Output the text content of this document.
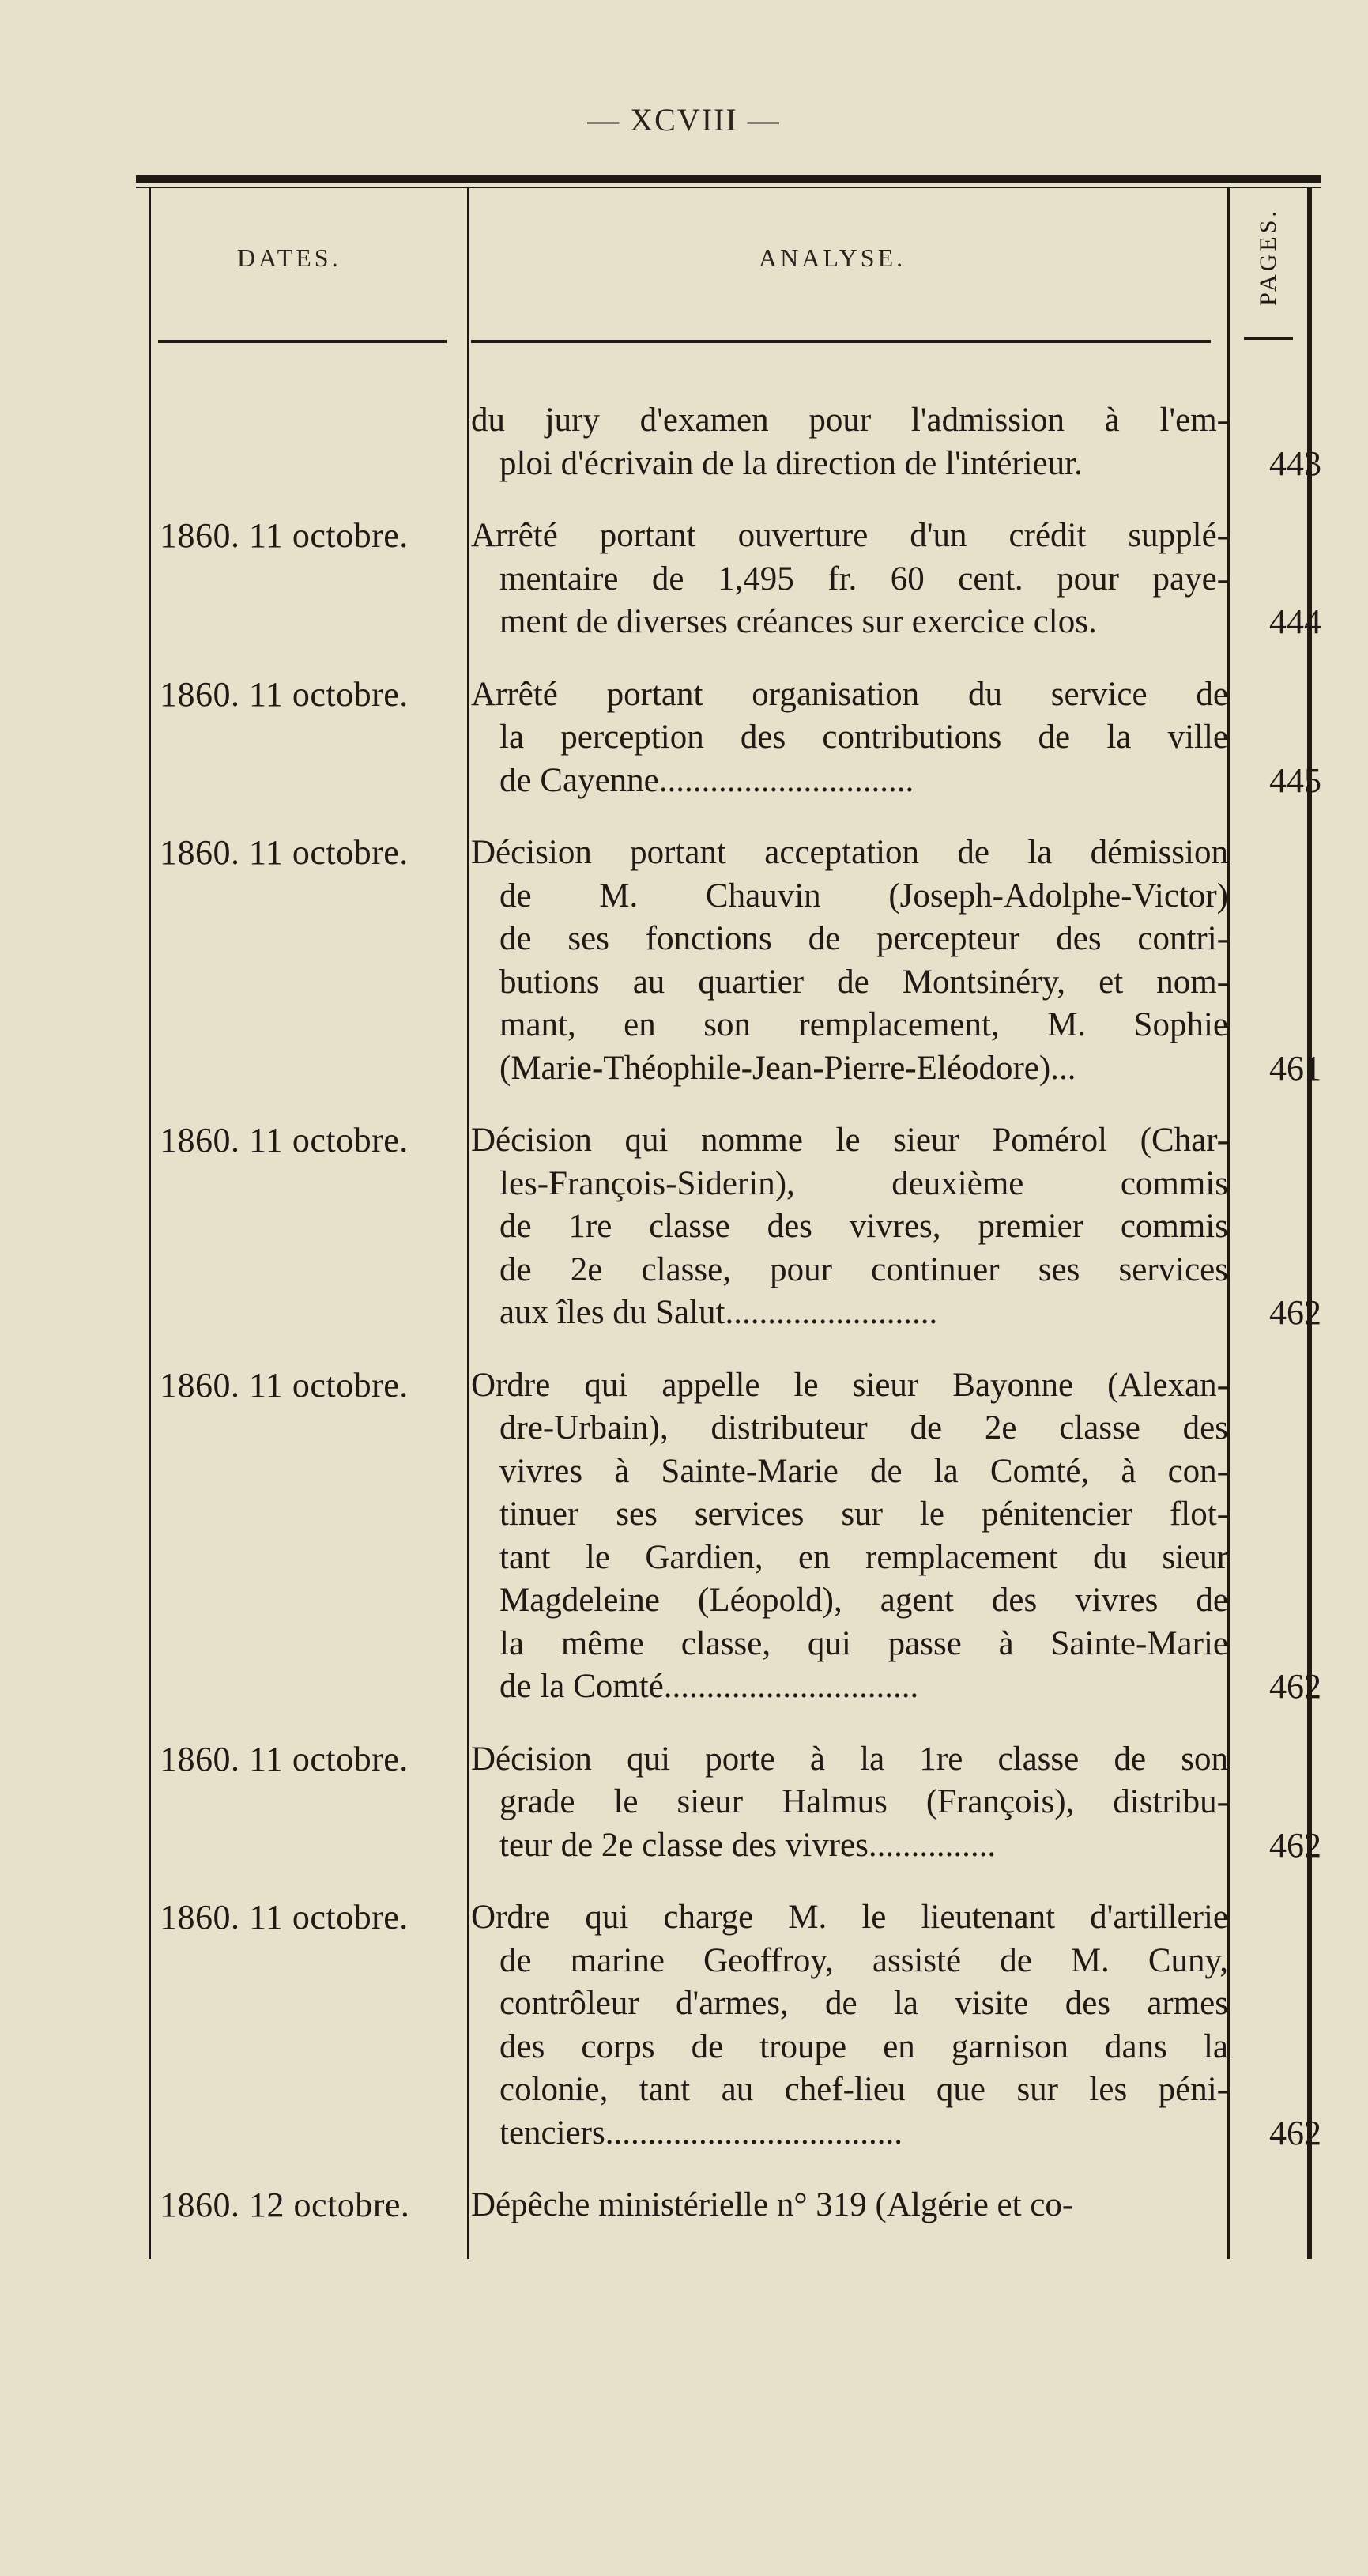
— XCVIII —
DATES.	ANALYSE.	PAGES.
du jury d'examen pour l'admission à l'em-
ploi d'écrivain de la direction de l'intérieur.	443
1860. 11 octobre.	Arrêté portant ouverture d'un crédit supplé-
mentaire de 1,495 fr. 60 cent. pour paye-
ment de diverses créances sur exercice clos.	444
1860. 11 octobre.	Arrêté portant organisation du service de
la perception des contributions de la ville
de Cayenne..............................	445
1860. 11 octobre.	Décision portant acceptation de la démission
de M. Chauvin (Joseph-Adolphe-Victor)
de ses fonctions de percepteur des contri-
butions au quartier de Montsinéry, et nom-
mant, en son remplacement, M. Sophie
(Marie-Théophile-Jean-Pierre-Eléodore)...	461
1860. 11 octobre.	Décision qui nomme le sieur Pomérol (Char-
les-François-Siderin), deuxième commis
de 1re classe des vivres, premier commis
de 2e classe, pour continuer ses services
aux îles du Salut.........................	462
1860. 11 octobre.	Ordre qui appelle le sieur Bayonne (Alexan-
dre-Urbain), distributeur de 2e classe des
vivres à Sainte-Marie de la Comté, à con-
tinuer ses services sur le pénitencier flot-
tant le Gardien, en remplacement du sieur
Magdeleine (Léopold), agent des vivres de
la même classe, qui passe à Sainte-Marie
de la Comté..............................	462
1860. 11 octobre.	Décision qui porte à la 1re classe de son
grade le sieur Halmus (François), distribu-
teur de 2e classe des vivres...............	462
1860. 11 octobre.	Ordre qui charge M. le lieutenant d'artillerie
de marine Geoffroy, assisté de M. Cuny,
contrôleur d'armes, de la visite des armes
des corps de troupe en garnison dans la
colonie, tant au chef-lieu que sur les péni-
tenciers...................................	462
1860. 12 octobre.	Dépêche ministérielle n° 319 (Algérie et co-
